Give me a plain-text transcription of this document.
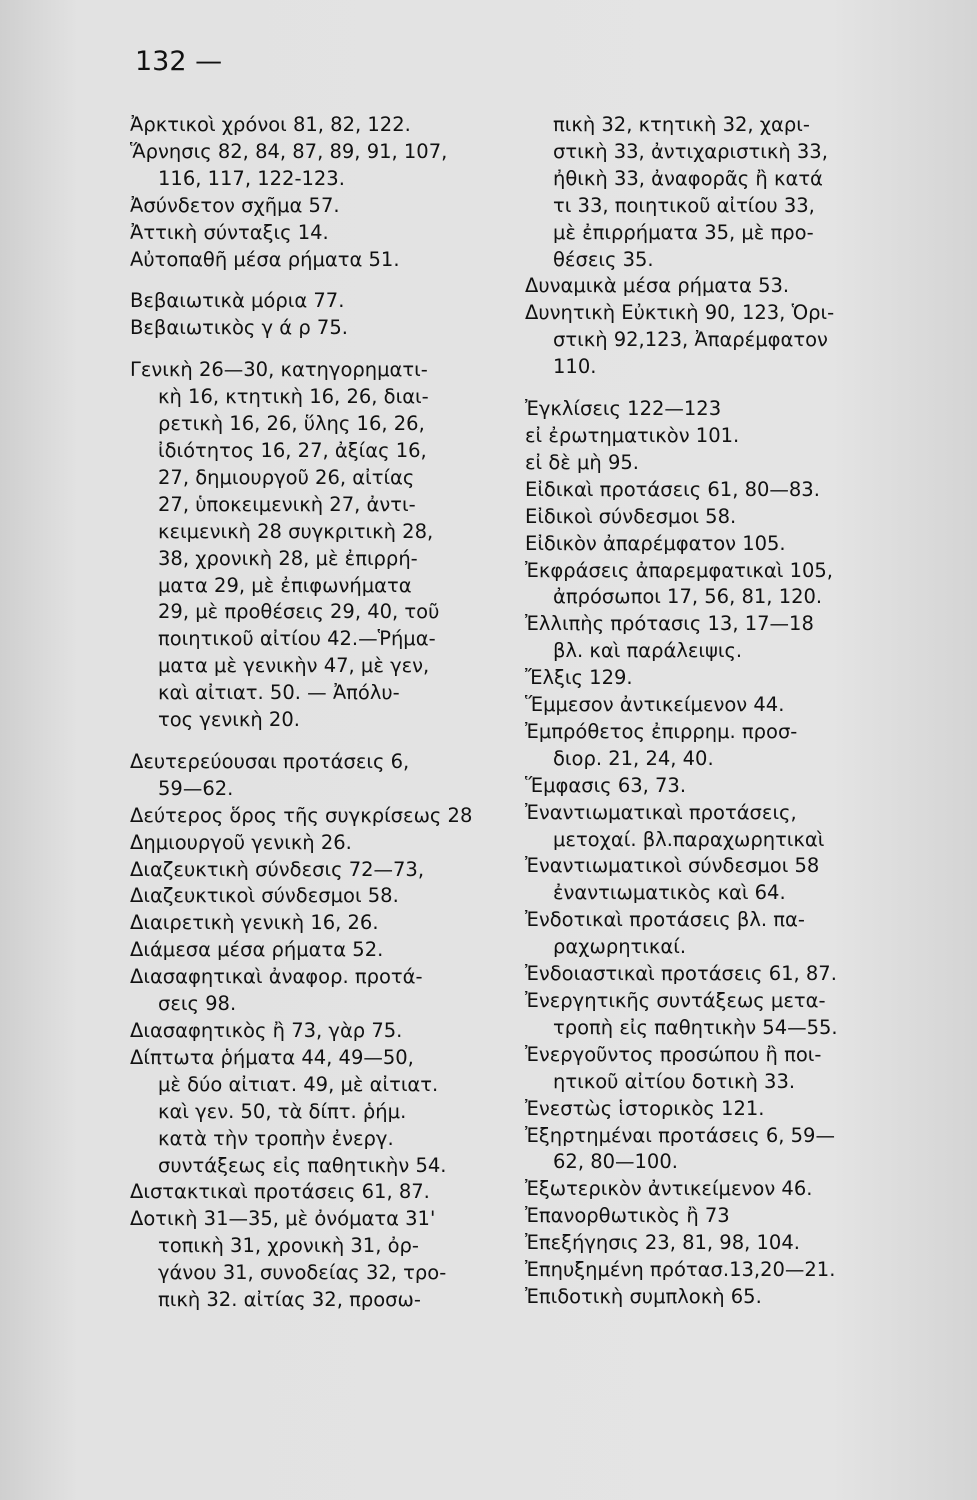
132 —
Ἀρκτικοὶ χρόνοι 81, 82, 122.
Ἅρνησις 82, 84, 87, 89, 91, 107,
116, 117, 122-123.
Ἀσύνδετον σχῆμα 57.
Ἀττικὴ σύνταξις 14.
Αὐτοπαθῆ μέσα ρήματα 51.
Βεβαιωτικὰ μόρια 77.
Βεβαιωτικὸς γ ά ρ 75.
Γενικὴ 26—30, κατηγορηματι-
κὴ 16, κτητικὴ 16, 26, διαι-
ρετικὴ 16, 26, ὕλης 16, 26,
ἰδιότητος 16, 27, ἀξίας 16,
27, δημιουργοῦ 26, αἰτίας
27, ὑποκειμενικὴ 27, ἀντι-
κειμενικὴ 28 συγκριτικὴ 28,
38, χρονικὴ 28, μὲ ἐπιρρή-
ματα 29, μὲ ἐπιφωνήματα
29, μὲ προθέσεις 29, 40, τοῦ
ποιητικοῦ αἰτίου 42.—Ῥήμα-
ματα μὲ γενικὴν 47, μὲ γεν,
καὶ αἰτιατ. 50. — Ἀπόλυ-
τος γενικὴ 20.
Δευτερεύουσαι προτάσεις 6,
59—62.
Δεύτερος ὅρος τῆς συγκρίσεως 28
Δημιουργοῦ γενικὴ 26.
Διαζευκτικὴ σύνδεσις 72—73,
Διαζευκτικοὶ σύνδεσμοι 58.
Διαιρετικὴ γενικὴ 16, 26.
Διάμεσα μέσα ρήματα 52.
Διασαφητικαὶ ἀναφορ. προτά-
σεις 98.
Διασαφητικὸς ἢ 73, γὰρ 75.
Δίπτωτα ῥήματα 44, 49—50,
μὲ δύο αἰτιατ. 49, μὲ αἰτιατ.
καὶ γεν. 50, τὰ δίπτ. ῥήμ.
κατὰ τὴν τροπὴν ἐνεργ.
συντάξεως εἰς παθητικὴν 54.
Διστακτικαὶ προτάσεις 61, 87.
Δοτικὴ 31—35, μὲ ὀνόματα 31'
τοπικὴ 31, χρονικὴ 31, ὀρ-
γάνου 31, συνοδείας 32, τρο-
πικὴ 32. αἰτίας 32, προσω-
πικὴ 32, κτητικὴ 32, χαρι-
στικὴ 33, ἀντιχαριστικὴ 33,
ἠθικὴ 33, ἀναφορᾶς ἢ κατά
τι 33, ποιητικοῦ αἰτίου 33,
μὲ ἐπιρρήματα 35, μὲ προ-
θέσεις 35.
Δυναμικὰ μέσα ρήματα 53.
Δυνητικὴ Εὐκτικὴ 90, 123, Ὁρι-
στικὴ 92,123, Ἀπαρέμφατον
110.
Ἐγκλίσεις 122—123
εἰ ἐρωτηματικὸν 101.
εἰ δὲ μὴ 95.
Εἰδικαὶ προτάσεις 61, 80—83.
Εἰδικοὶ σύνδεσμοι 58.
Εἰδικὸν ἀπαρέμφατον 105.
Ἐκφράσεις ἀπαρεμφατικαὶ 105,
ἀπρόσωποι 17, 56, 81, 120.
Ἐλλιπὴς πρότασις 13, 17—18
βλ. καὶ παράλειψις.
Ἔλξις 129.
Ἕμμεσον ἀντικείμενον 44.
Ἐμπρόθετος ἐπιρρημ. προσ-
διορ. 21, 24, 40.
Ἕμφασις 63, 73.
Ἐναντιωματικαὶ προτάσεις,
μετοχαί. βλ.παραχωρητικαὶ
Ἐναντιωματικοὶ σύνδεσμοι 58
ἐναντιωματικὸς καὶ 64.
Ἐνδοτικαὶ προτάσεις βλ. πα-
ραχωρητικαί.
Ἐνδοιαστικαὶ προτάσεις 61, 87.
Ἐνεργητικῆς συντάξεως μετα-
τροπὴ εἰς παθητικὴν 54—55.
Ἐνεργοῦντος προσώπου ἢ ποι-
ητικοῦ αἰτίου δοτικὴ 33.
Ἐνεστὼς ἱστορικὸς 121.
Ἐξηρτημέναι προτάσεις 6, 59—
62, 80—100.
Ἐξωτερικὸν ἀντικείμενον 46.
Ἐπανορθωτικὸς ἢ 73
Ἐπεξήγησις 23, 81, 98, 104.
Ἐπηυξημένη πρότασ.13,20—21.
Ἐπιδοτικὴ συμπλοκὴ 65.
